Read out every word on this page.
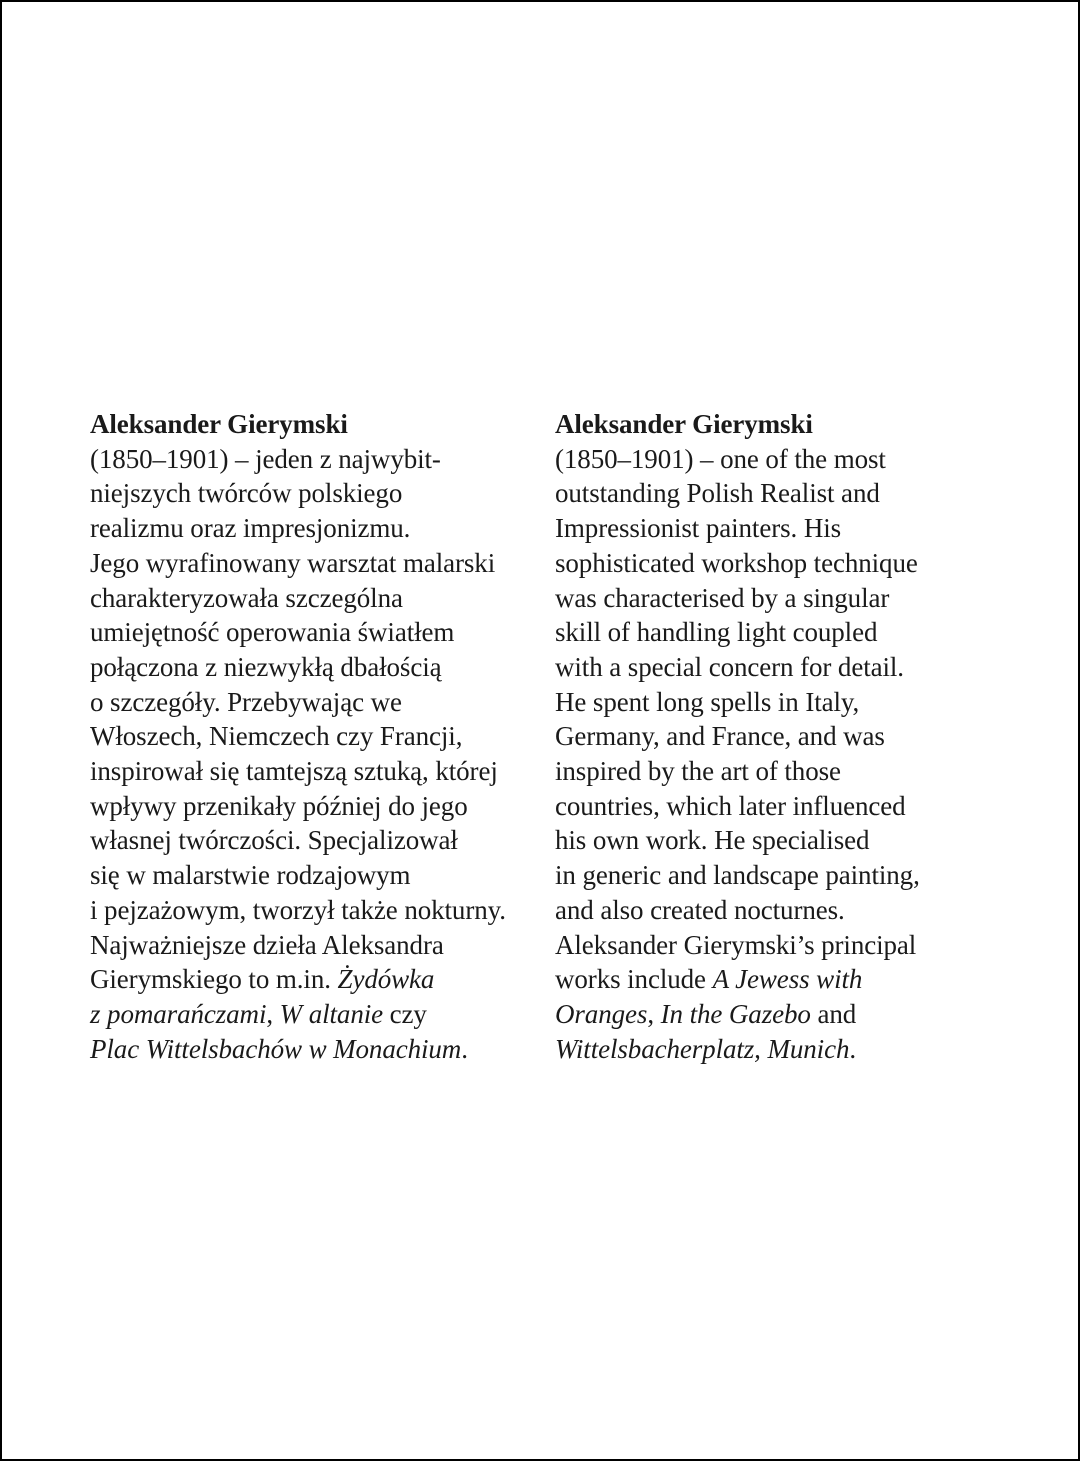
Aleksander Gierymski
(1850–1901) – jeden z najwybit-
niejszych twórców polskiego
realizmu oraz impresjonizmu.
Jego wyrafinowany warsztat malarski
charakteryzowała szczególna
umiejętność operowania światłem
połączona z niezwykłą dbałością
o szczegóły. Przebywając we
Włoszech, Niemczech czy Francji,
inspirował się tamtejszą sztuką, której
wpływy przenikały później do jego
własnej twórczości. Specjalizował
się w malarstwie rodzajowym
i pejzażowym, tworzył także nokturny.
Najważniejsze dzieła Aleksandra
Gierymskiego to m.in. Żydówka
z pomarańczami, W altanie czy
Plac Wittelsbachów w Monachium.
Aleksander Gierymski
(1850–1901) – one of the most
outstanding Polish Realist and
Impressionist painters. His
sophisticated workshop technique
was characterised by a singular
skill of handling light coupled
with a special concern for detail.
He spent long spells in Italy,
Germany, and France, and was
inspired by the art of those
countries, which later influenced
his own work. He specialised
in generic and landscape painting,
and also created nocturnes.
Aleksander Gierymski’s principal
works include A Jewess with
Oranges, In the Gazebo and
Wittelsbacherplatz, Munich.
